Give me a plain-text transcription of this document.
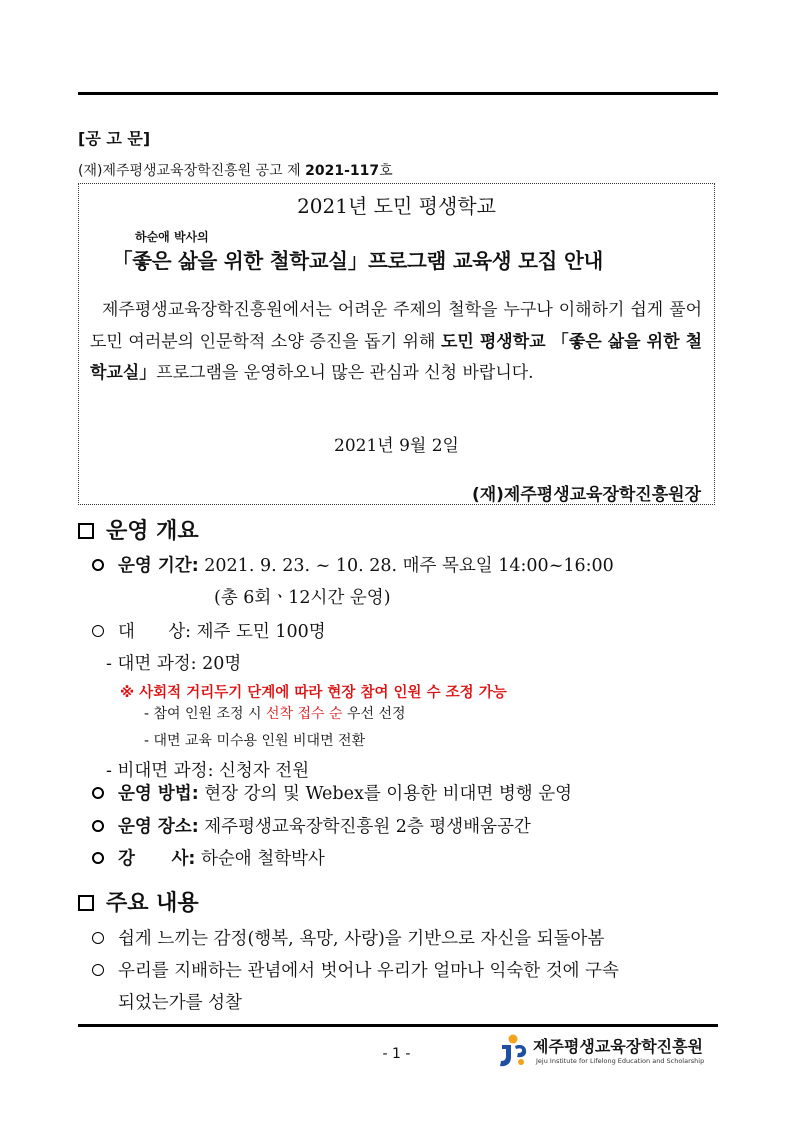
[공 고 문]
(재)제주평생교육장학진흥원 공고 제 2021-117호
2021년 도민 평생학교
하순애 박사의
「좋은 삶을 위한 철학교실」프로그램 교육생 모집 안내
제주평생교육장학진흥원에서는 어려운 주제의 철학을 누구나 이해하기 쉽게 풀어 도민 여러분의 인문학적 소양 증진을 돕기 위해 도민 평생학교 「좋은 삶을 위한 철학교실」프로그램을 운영하오니 많은 관심과 신청 바랍니다.
2021년 9월 2일
(재)제주평생교육장학진흥원장
운영 개요
운영 기간: 2021. 9. 23. ~ 10. 28. 매주 목요일 14:00~16:00
(총 6회ㆍ12시간 운영)
대      상: 제주 도민 100명
- 대면 과정: 20명
※ 사회적 거리두기 단계에 따라 현장 참여 인원 수 조정 가능
- 참여 인원 조정 시 선착 접수 순 우선 선정
- 대면 교육 미수용 인원 비대면 전환
- 비대면 과정: 신청자 전원
운영 방법: 현장 강의 및 Webex를 이용한 비대면 병행 운영
운영 장소: 제주평생교육장학진흥원 2층 평생배움공간
강      사: 하순애 철학박사
주요 내용
쉽게 느끼는 감정(행복, 욕망, 사랑)을 기반으로 자신을 되돌아봄
우리를 지배하는 관념에서 벗어나 우리가 얼마나 익숙한 것에 구속
되었는가를 성찰
- 1 -	제주평생교육장학진흥원
Jeju Institute for Lifelong Education and Scholarship
